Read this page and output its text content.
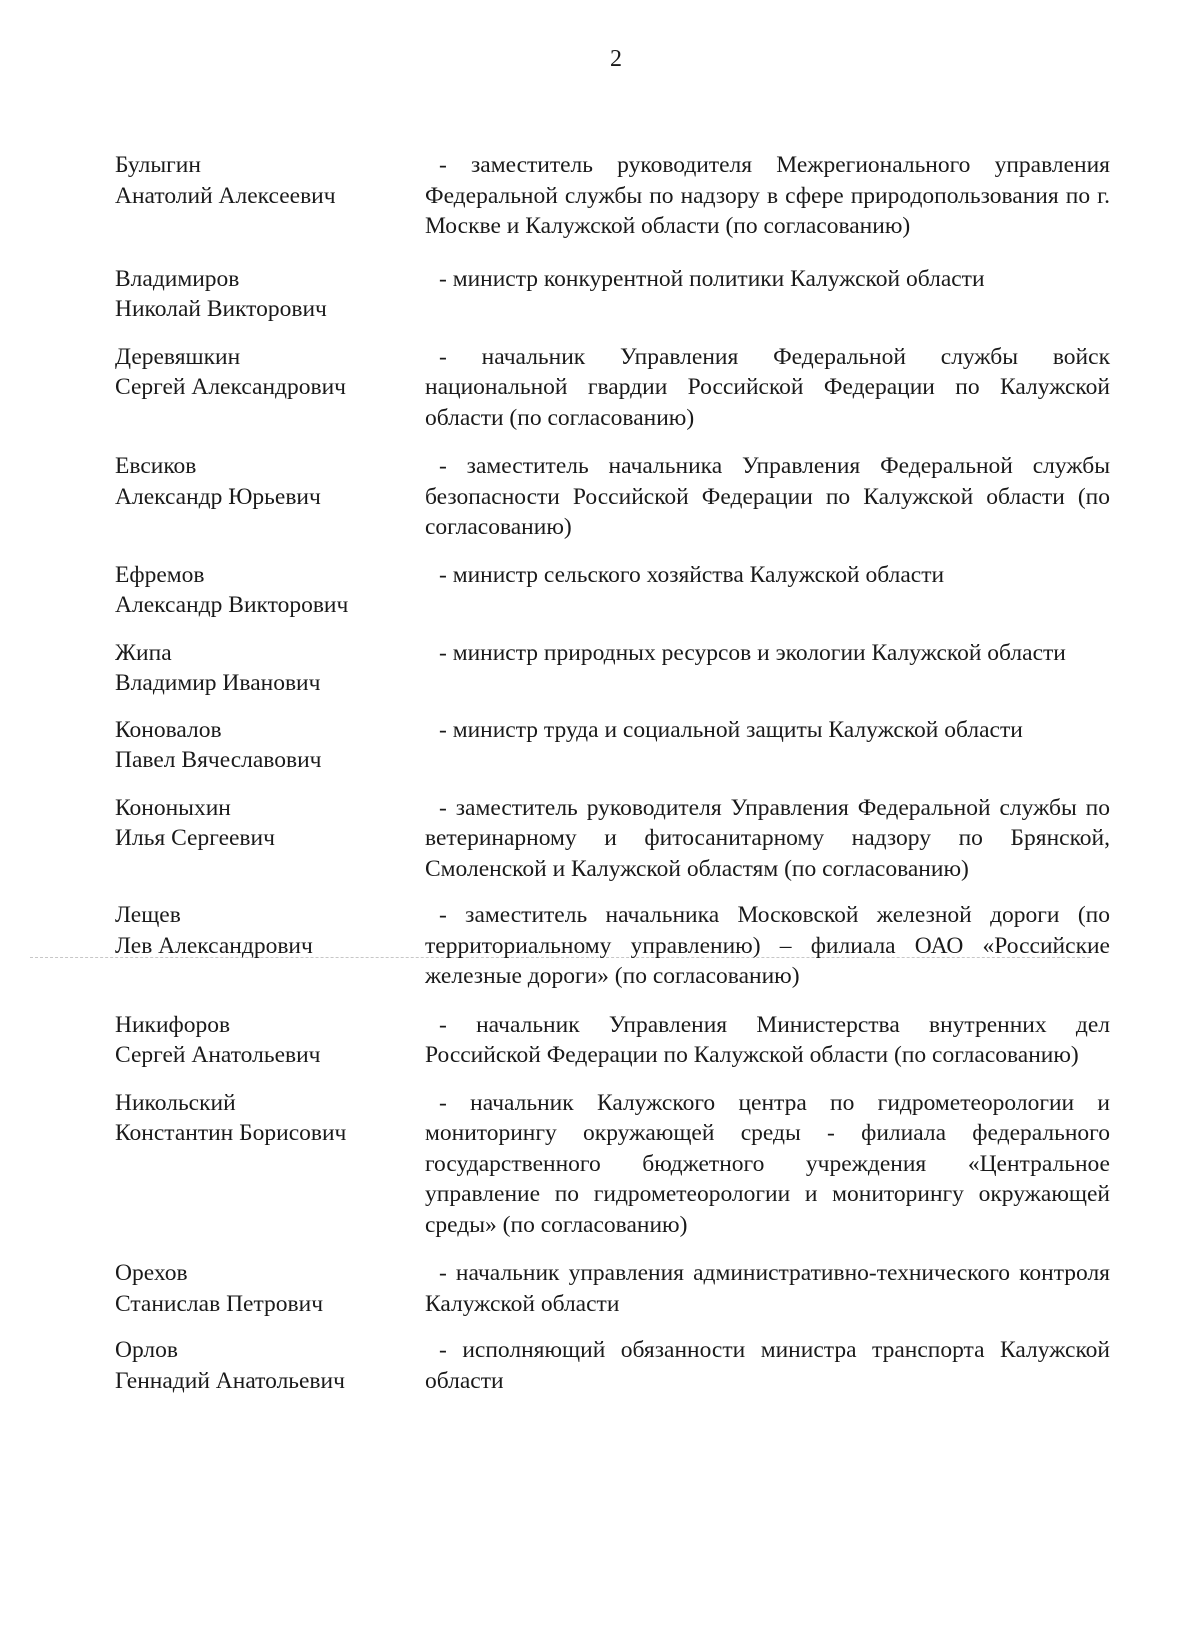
2
Булыгин
Анатолий Алексеевич
- заместитель руководителя Межрегионального управления Федеральной службы по надзору в сфере природопользования по г. Москве и Калужской области (по согласованию)
Владимиров
Николай Викторович
- министр конкурентной политики Калужской области
Деревяшкин
Сергей Александрович
- начальник Управления Федеральной службы войск национальной гвардии Российской Федерации по Калужской области (по согласованию)
Евсиков
Александр Юрьевич
- заместитель начальника Управления Федеральной службы безопасности Российской Федерации по Калужской области (по согласованию)
Ефремов
Александр Викторович
- министр сельского хозяйства Калужской области
Жипа
Владимир Иванович
- министр природных ресурсов и экологии Калужской области
Коновалов
Павел Вячеславович
- министр труда и социальной защиты Калужской области
Кононыхин
Илья Сергеевич
- заместитель руководителя Управления Федеральной службы по ветеринарному и фитосанитарному надзору по Брянской, Смоленской и Калужской областям (по согласованию)
Лещев
Лев Александрович
- заместитель начальника Московской железной дороги (по территориальному управлению) – филиала ОАО «Российские железные дороги» (по согласованию)
Никифоров
Сергей Анатольевич
- начальник Управления Министерства внутренних дел Российской Федерации по Калужской области (по согласованию)
Никольский
Константин Борисович
- начальник Калужского центра по гидрометеорологии и мониторингу окружающей среды - филиала федерального государственного бюджетного учреждения «Центральное управление по гидрометеорологии и мониторингу окружающей среды» (по согласованию)
Орехов
Станислав Петрович
- начальник управления административно-технического контроля Калужской области
Орлов
Геннадий Анатольевич
- исполняющий обязанности министра транспорта Калужской области
